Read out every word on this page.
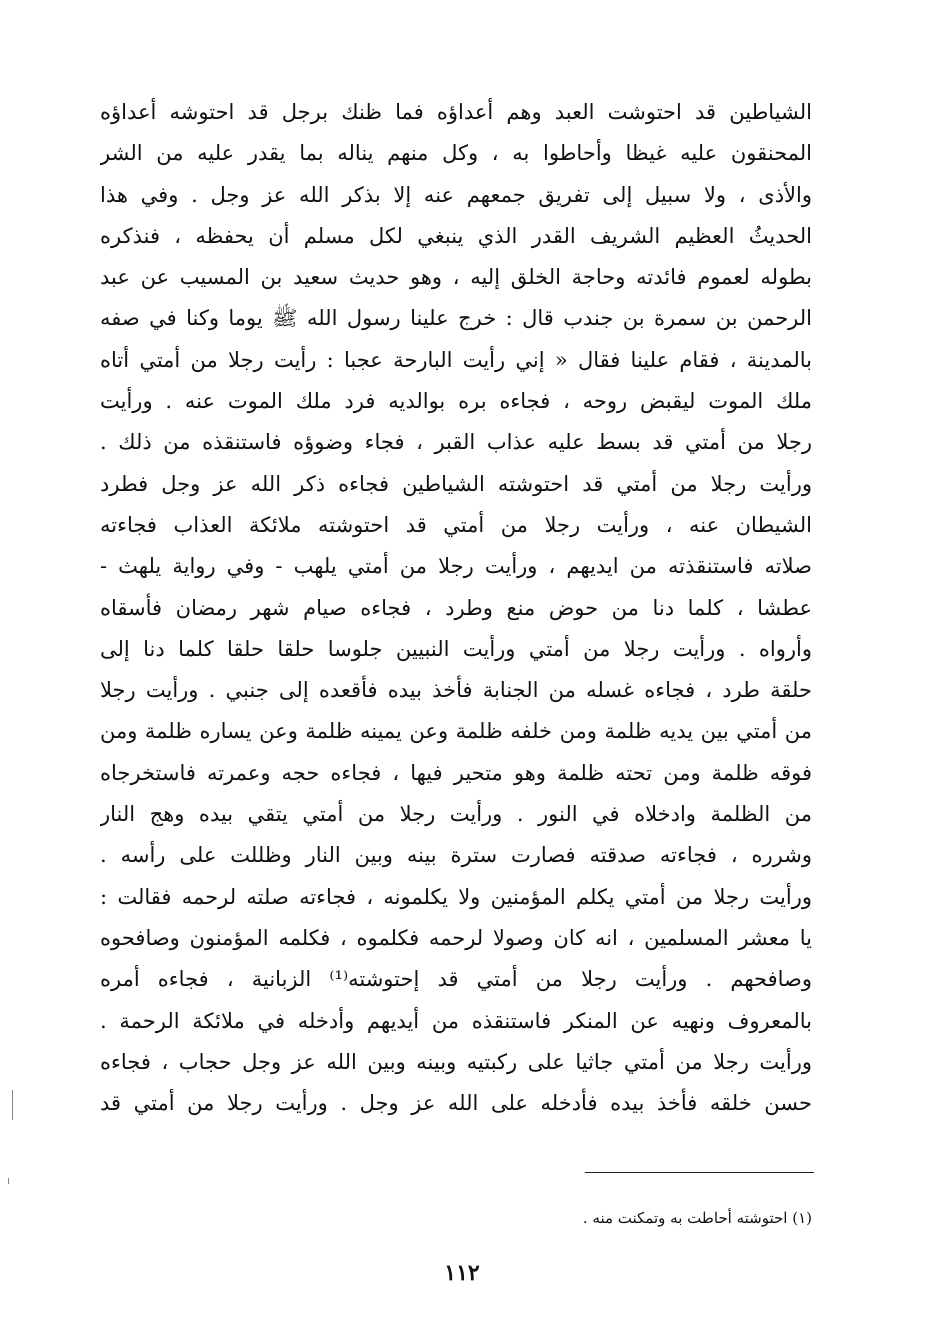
الشياطين قد احتوشت العبد وهم أعداؤه فما ظنك برجل قد احتوشه أعداؤه
المحنقون عليه غيظا وأحاطوا به ، وكل منهم يناله بما يقدر عليه من الشر
والأذى ، ولا سبيل إلى تفريق جمعهم عنه إلا بذكر الله عز وجل . وفي هذا
الحديثُ العظيم الشريف القدر الذي ينبغي لكل مسلم أن يحفظه ، فنذكره
بطوله لعموم فائدته وحاجة الخلق إليه ، وهو حديث سعيد بن المسيب عن عبد
الرحمن بن سمرة بن جندب قال : خرج علينا رسول الله ﷺ يوما وكنا في صفه
بالمدينة ، فقام علينا فقال « إني رأيت البارحة عجبا : رأيت رجلا من أمتي أتاه
ملك الموت ليقبض روحه ، فجاءه بره بوالديه فرد ملك الموت عنه . ورأيت
رجلا من أمتي قد بسط عليه عذاب القبر ، فجاء وضوؤه فاستنقذه من ذلك .
ورأيت رجلا من أمتي قد احتوشته الشياطين فجاءه ذكر الله عز وجل فطرد
الشيطان عنه ، ورأيت رجلا من أمتي قد احتوشته ملائكة العذاب فجاءته
صلاته فاستنقذته من ايديهم ، ورأيت رجلا من أمتي يلهب - وفي رواية يلهث -
عطشا ، كلما دنا من حوض منع وطرد ، فجاءه صيام شهر رمضان فأسقاه
وأرواه . ورأيت رجلا من أمتي ورأيت النبيين جلوسا حلقا حلقا كلما دنا إلى
حلقة طرد ، فجاءه غسله من الجنابة فأخذ بيده فأقعده إلى جنبي . ورأيت رجلا
من أمتي بين يديه ظلمة ومن خلفه ظلمة وعن يمينه ظلمة وعن يساره ظلمة ومن
فوقه ظلمة ومن تحته ظلمة وهو متحير فيها ، فجاءه حجه وعمرته فاستخرجاه
من الظلمة وادخلاه في النور . ورأيت رجلا من أمتي يتقي بيده وهج النار
وشرره ، فجاءته صدقته فصارت سترة بينه وبين النار وظللت على رأسه .
ورأيت رجلا من أمتي يكلم المؤمنين ولا يكلمونه ، فجاءته صلته لرحمه فقالت :
يا معشر المسلمين ، انه كان وصولا لرحمه فكلموه ، فكلمه المؤمنون وصافحوه
وصافحهم . ورأيت رجلا من أمتي قد إحتوشته⁽¹⁾ الزبانية ، فجاءه أمره
بالمعروف ونهيه عن المنكر فاستنقذه من أيديهم وأدخله في ملائكة الرحمة .
ورأيت رجلا من أمتي جاثيا على ركبتيه وبينه وبين الله عز وجل حجاب ، فجاءه
حسن خلقه فأخذ بيده فأدخله على الله عز وجل . ورأيت رجلا من أمتي قد
(١) احتوشته أحاطت به وتمكنت منه .
١١٢
